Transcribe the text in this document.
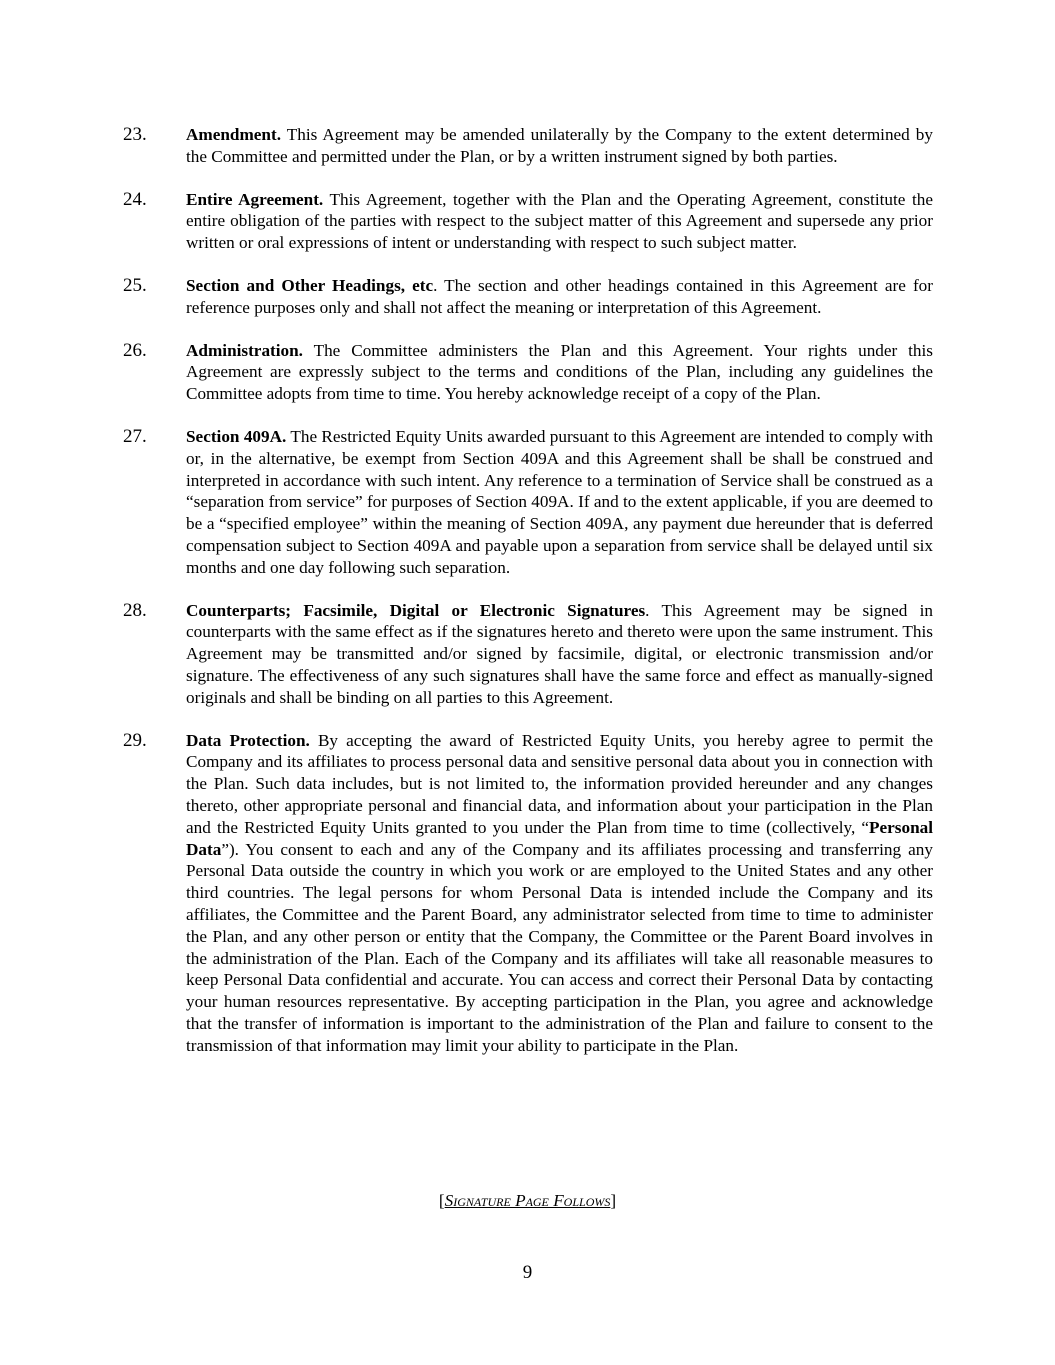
23. Amendment. This Agreement may be amended unilaterally by the Company to the extent determined by the Committee and permitted under the Plan, or by a written instrument signed by both parties.
24. Entire Agreement. This Agreement, together with the Plan and the Operating Agreement, constitute the entire obligation of the parties with respect to the subject matter of this Agreement and supersede any prior written or oral expressions of intent or understanding with respect to such subject matter.
25. Section and Other Headings, etc. The section and other headings contained in this Agreement are for reference purposes only and shall not affect the meaning or interpretation of this Agreement.
26. Administration. The Committee administers the Plan and this Agreement. Your rights under this Agreement are expressly subject to the terms and conditions of the Plan, including any guidelines the Committee adopts from time to time. You hereby acknowledge receipt of a copy of the Plan.
27. Section 409A. The Restricted Equity Units awarded pursuant to this Agreement are intended to comply with or, in the alternative, be exempt from Section 409A and this Agreement shall be shall be construed and interpreted in accordance with such intent. Any reference to a termination of Service shall be construed as a “separation from service” for purposes of Section 409A. If and to the extent applicable, if you are deemed to be a “specified employee” within the meaning of Section 409A, any payment due hereunder that is deferred compensation subject to Section 409A and payable upon a separation from service shall be delayed until six months and one day following such separation.
28. Counterparts; Facsimile, Digital or Electronic Signatures. This Agreement may be signed in counterparts with the same effect as if the signatures hereto and thereto were upon the same instrument. This Agreement may be transmitted and/or signed by facsimile, digital, or electronic transmission and/or signature. The effectiveness of any such signatures shall have the same force and effect as manually-signed originals and shall be binding on all parties to this Agreement.
29. Data Protection. By accepting the award of Restricted Equity Units, you hereby agree to permit the Company and its affiliates to process personal data and sensitive personal data about you in connection with the Plan. Such data includes, but is not limited to, the information provided hereunder and any changes thereto, other appropriate personal and financial data, and information about your participation in the Plan and the Restricted Equity Units granted to you under the Plan from time to time (collectively, “Personal Data”). You consent to each and any of the Company and its affiliates processing and transferring any Personal Data outside the country in which you work or are employed to the United States and any other third countries. The legal persons for whom Personal Data is intended include the Company and its affiliates, the Committee and the Parent Board, any administrator selected from time to time to administer the Plan, and any other person or entity that the Company, the Committee or the Parent Board involves in the administration of the Plan. Each of the Company and its affiliates will take all reasonable measures to keep Personal Data confidential and accurate. You can access and correct their Personal Data by contacting your human resources representative. By accepting participation in the Plan, you agree and acknowledge that the transfer of information is important to the administration of the Plan and failure to consent to the transmission of that information may limit your ability to participate in the Plan.
[Signature Page Follows]
9
